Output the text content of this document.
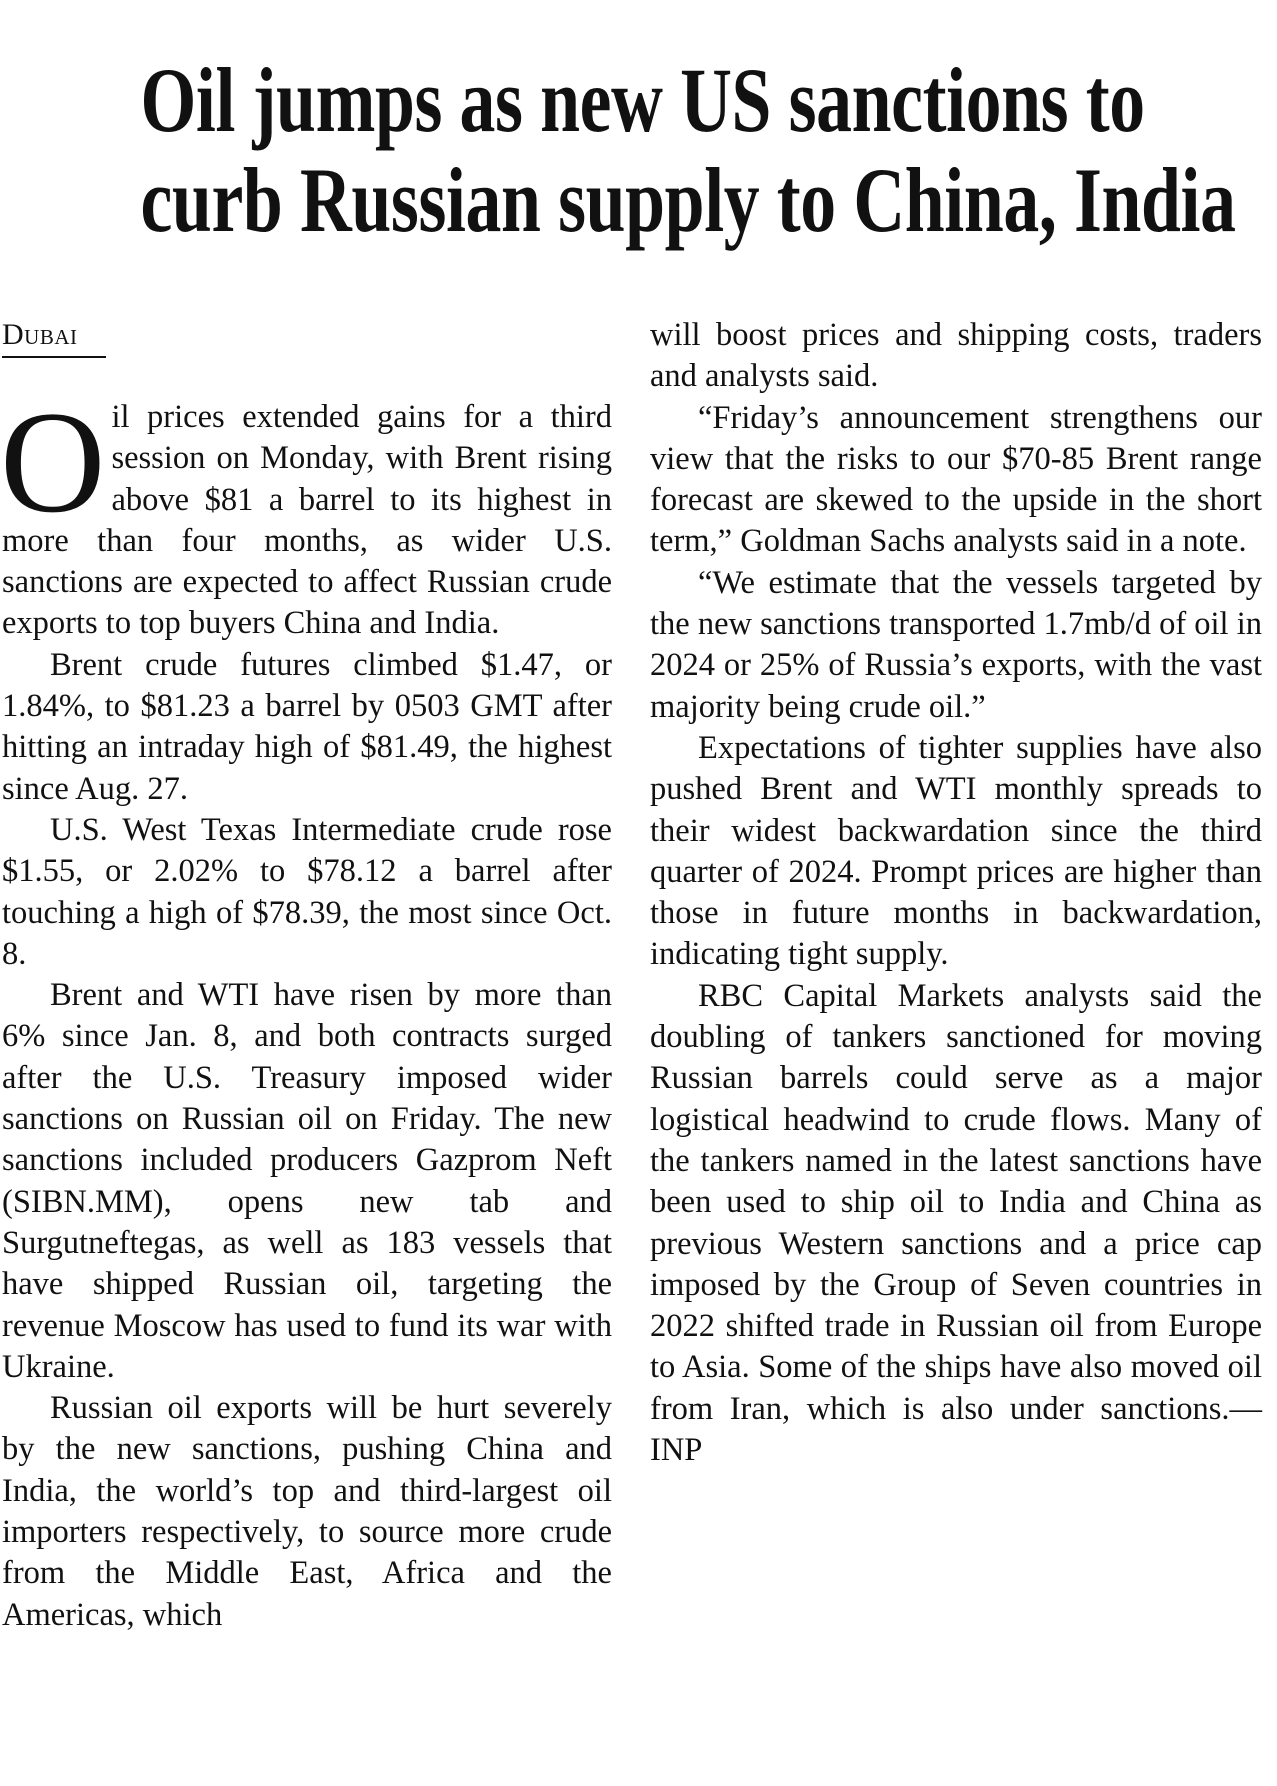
Oil jumps as new US sanctions to
curb Russian supply to China, India
Dubai

Oil prices extended gains for a third session on Monday, with Brent rising above $81 a barrel to its highest in more than four months, as wider U.S. sanctions are expected to affect Russian crude exports to top buyers China and India.

Brent crude futures climbed $1.47, or 1.84%, to $81.23 a barrel by 0503 GMT after hitting an intraday high of $81.49, the highest since Aug. 27.

U.S. West Texas Intermediate crude rose $1.55, or 2.02% to $78.12 a barrel after touching a high of $78.39, the most since Oct. 8.

Brent and WTI have risen by more than 6% since Jan. 8, and both contracts surged after the U.S. Treasury imposed wider sanctions on Russian oil on Friday. The new sanctions included producers Gazprom Neft (SIBN.MM), opens new tab and Surgutneftegas, as well as 183 vessels that have shipped Russian oil, targeting the revenue Moscow has used to fund its war with Ukraine.

Russian oil exports will be hurt severely by the new sanctions, pushing China and India, the world’s top and third-largest oil importers respectively, to source more crude from the Middle East, Africa and the Americas, which

will boost prices and shipping costs, traders and analysts said.

“Friday’s announcement strengthens our view that the risks to our $70-85 Brent range forecast are skewed to the upside in the short term,” Goldman Sachs analysts said in a note.

“We estimate that the vessels targeted by the new sanctions transported 1.7mb/d of oil in 2024 or 25% of Russia’s exports, with the vast majority being crude oil.”

Expectations of tighter supplies have also pushed Brent and WTI monthly spreads to their widest backwardation since the third quarter of 2024. Prompt prices are higher than those in future months in backwardation, indicating tight supply.

RBC Capital Markets analysts said the doubling of tankers sanctioned for moving Russian barrels could serve as a major logistical headwind to crude flows. Many of the tankers named in the latest sanctions have been used to ship oil to India and China as previous Western sanctions and a price cap imposed by the Group of Seven countries in 2022 shifted trade in Russian oil from Europe to Asia. Some of the ships have also moved oil from Iran, which is also under sanctions.—INP
